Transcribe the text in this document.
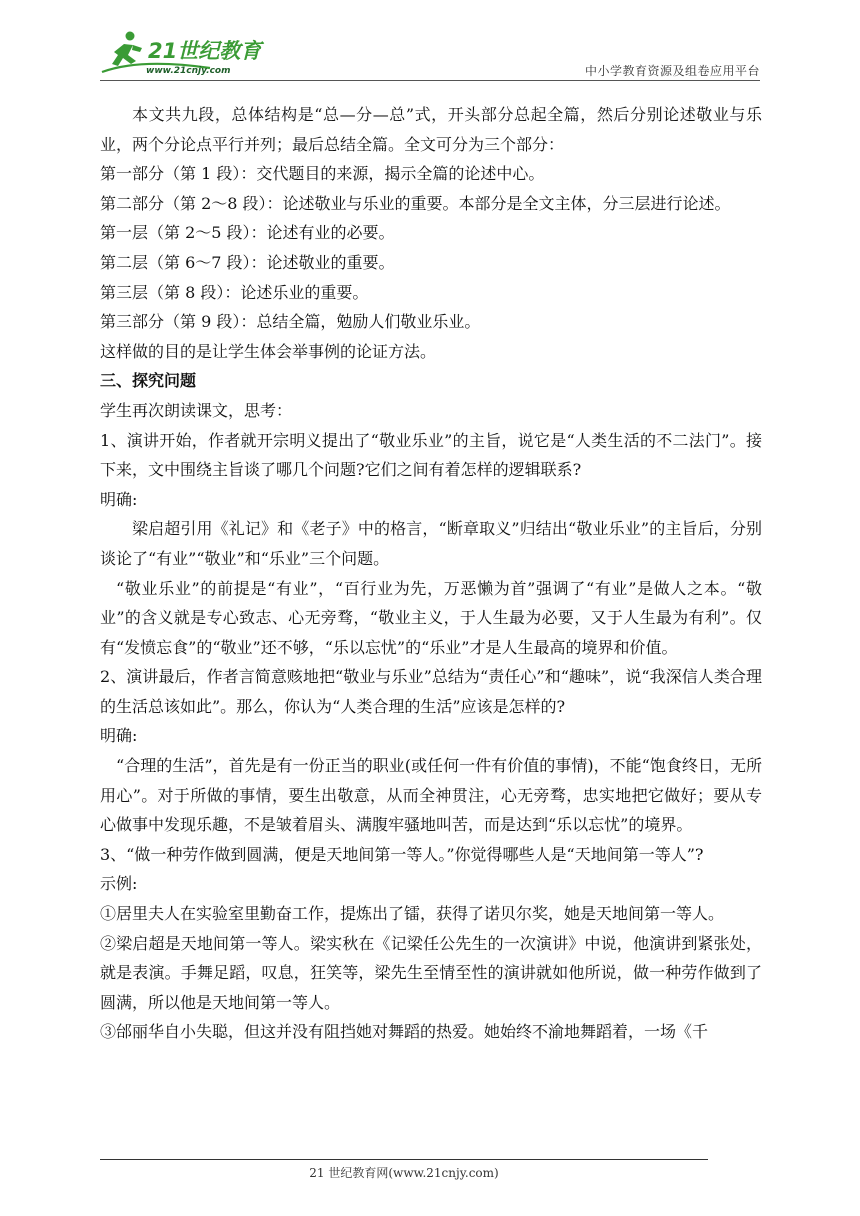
21世纪教育
www.21cnjy.com	中小学教育资源及组卷应用平台

本文共九段，总体结构是“总—分—总”式，开头部分总起全篇，然后分别论述敬业与乐业，两个分论点平行并列；最后总结全篇。全文可分为三个部分：

第一部分（第 1 段）：交代题目的来源，揭示全篇的论述中心。

第二部分（第 2～8 段）：论述敬业与乐业的重要。本部分是全文主体，分三层进行论述。

第一层（第 2～5 段）：论述有业的必要。

第二层（第 6～7 段）：论述敬业的重要。

第三层（第 8 段）：论述乐业的重要。

第三部分（第 9 段）：总结全篇，勉励人们敬业乐业。

这样做的目的是让学生体会举事例的论证方法。

三、探究问题

学生再次朗读课文，思考：

1、演讲开始，作者就开宗明义提出了“敬业乐业”的主旨，说它是“人类生活的不二法门”。接下来，文中围绕主旨谈了哪几个问题?它们之间有着怎样的逻辑联系?

明确:

梁启超引用《礼记》和《老子》中的格言，“断章取义”归结出“敬业乐业”的主旨后，分别谈论了“有业”“敬业”和“乐业”三个问题。

“敬业乐业”的前提是“有业”，“百行业为先，万恶懒为首”强调了“有业”是做人之本。“敬业”的含义就是专心致志、心无旁骛，“敬业主义，于人生最为必要，又于人生最为有利”。仅有“发愤忘食”的“敬业”还不够，“乐以忘忧”的“乐业”才是人生最高的境界和价值。

2、演讲最后，作者言简意赅地把“敬业与乐业”总结为“责任心”和“趣味”，说“我深信人类合理的生活总该如此”。那么，你认为“人类合理的生活”应该是怎样的?

明确:

“合理的生活”，首先是有一份正当的职业(或任何一件有价值的事情)，不能“饱食终日，无所用心”。对于所做的事情，要生出敬意，从而全神贯注，心无旁骛，忠实地把它做好；要从专心做事中发现乐趣，不是皱着眉头、满腹牢骚地叫苦，而是达到“乐以忘忧”的境界。

3、“做一种劳作做到圆满，便是天地间第一等人。”你觉得哪些人是“天地间第一等人”?

示例:

①居里夫人在实验室里勤奋工作，提炼出了镭，获得了诺贝尔奖，她是天地间第一等人。

②梁启超是天地间第一等人。梁实秋在《记梁任公先生的一次演讲》中说，他演讲到紧张处，就是表演。手舞足蹈，叹息，狂笑等，梁先生至情至性的演讲就如他所说，做一种劳作做到了圆满，所以他是天地间第一等人。

③邰丽华自小失聪，但这并没有阻挡她对舞蹈的热爱。她始终不渝地舞蹈着，一场《千

21 世纪教育网(www.21cnjy.com)
